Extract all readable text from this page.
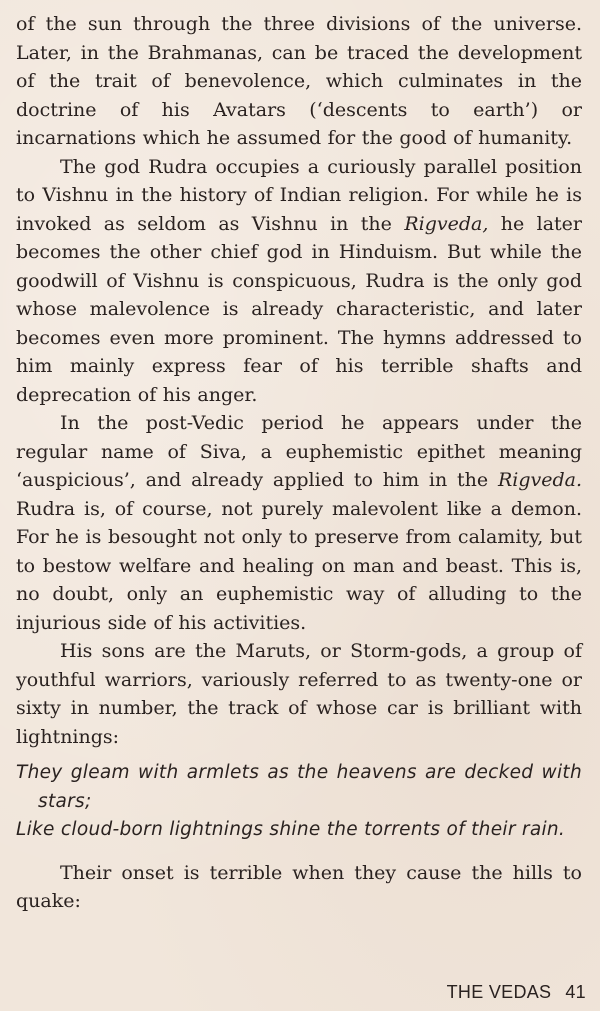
of the sun through the three divisions of the universe. Later, in the Brahmanas, can be traced the development of the trait of benevolence, which culminates in the doctrine of his Avatars (‘descents to earth’) or incarnations which he assumed for the good of humanity.

The god Rudra occupies a curiously parallel position to Vishnu in the history of Indian religion. For while he is invoked as seldom as Vishnu in the Rigveda, he later becomes the other chief god in Hinduism. But while the goodwill of Vishnu is conspicuous, Rudra is the only god whose malevolence is already characteristic, and later becomes even more prominent. The hymns addressed to him mainly express fear of his terrible shafts and deprecation of his anger.

In the post-Vedic period he appears under the regular name of Siva, a euphemistic epithet meaning ‘auspicious’, and already applied to him in the Rigveda. Rudra is, of course, not purely malevolent like a demon. For he is besought not only to preserve from calamity, but to bestow welfare and healing on man and beast. This is, no doubt, only an euphemistic way of alluding to the injurious side of his activities.

His sons are the Maruts, or Storm-gods, a group of youthful warriors, variously referred to as twenty-one or sixty in number, the track of whose car is brilliant with lightnings:

They gleam with armlets as the heavens are decked with stars;
Like cloud-born lightnings shine the torrents of their rain.

Their onset is terrible when they cause the hills to quake:

THE VEDAS 41
